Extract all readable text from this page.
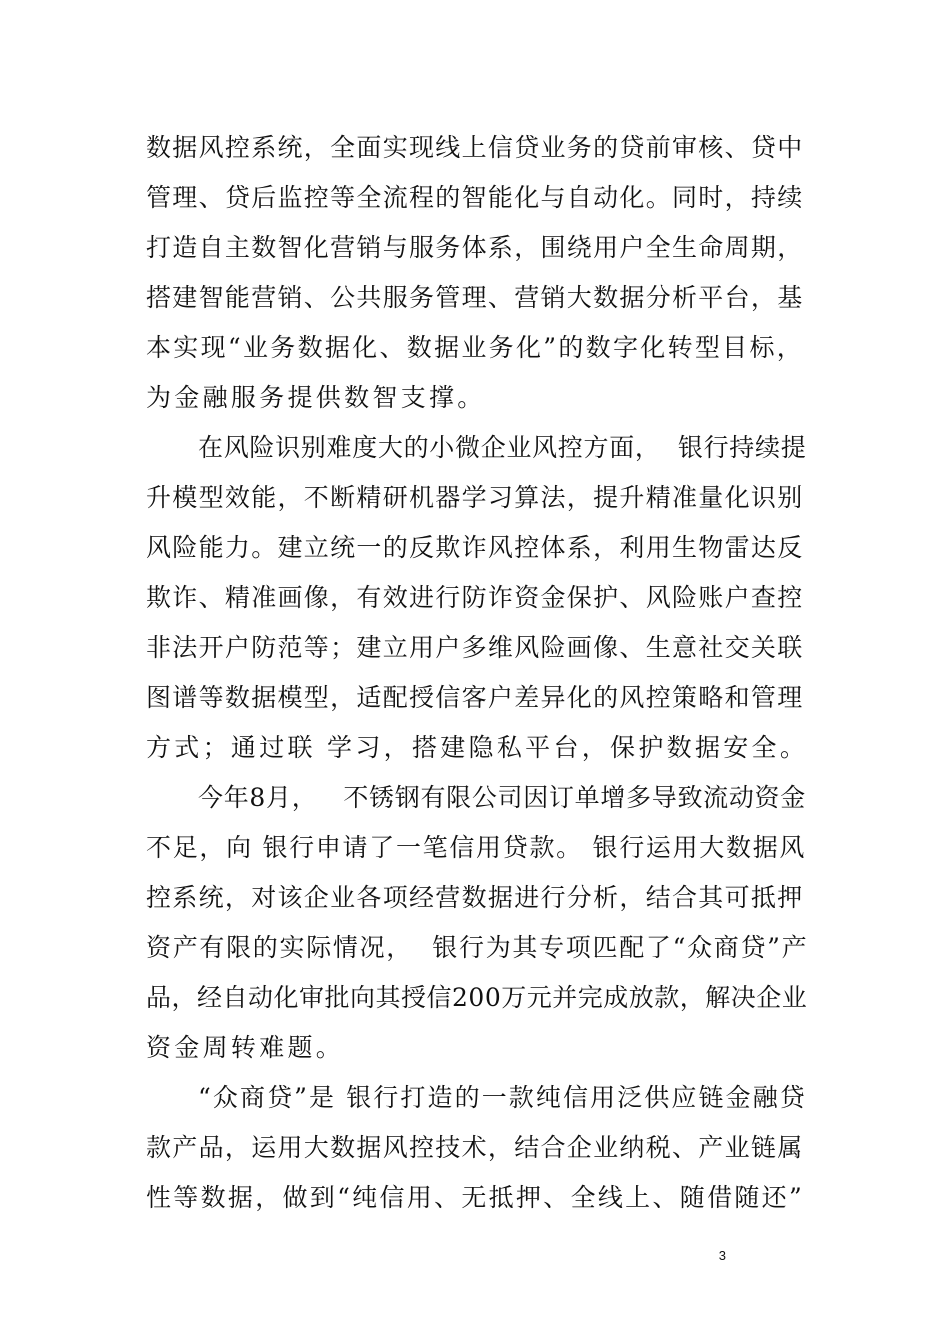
数据风控系统，全面实现线上信贷业务的贷前审核、贷中
管理、贷后监控等全流程的智能化与自动化。同时，持续
打造自主数智化营销与服务体系，围绕用户全生命周期，
搭建智能营销、公共服务管理、营销大数据分析平台，基
本实现“业务数据化、数据业务化”的数字化转型目标，
为金融服务提供数智支撑。
在风险识别难度大的小微企业风控方面，  银行持续提
升模型效能，不断精研机器学习算法，提升精准量化识别
风险能力。建立统一的反欺诈风控体系，利用生物雷达反
欺诈、精准画像，有效进行防诈资金保护、风险账户查控
非法开户防范等；建立用户多维风险画像、生意社交关联
图谱等数据模型，适配授信客户差异化的风控策略和管理
方式；通过联 学习，搭建隐私平台，保护数据安全。
今年8月，   不锈钢有限公司因订单增多导致流动资金
不足，向 银行申请了一笔信用贷款。 银行运用大数据风
控系统，对该企业各项经营数据进行分析，结合其可抵押
资产有限的实际情况，  银行为其专项匹配了“众商贷”产
品，经自动化审批向其授信200万元并完成放款，解决企业
资金周转难题。
“众商贷”是 银行打造的一款纯信用泛供应链金融贷
款产品，运用大数据风控技术，结合企业纳税、产业链属
性等数据，做到“纯信用、无抵押、全线上、随借随还”
3
